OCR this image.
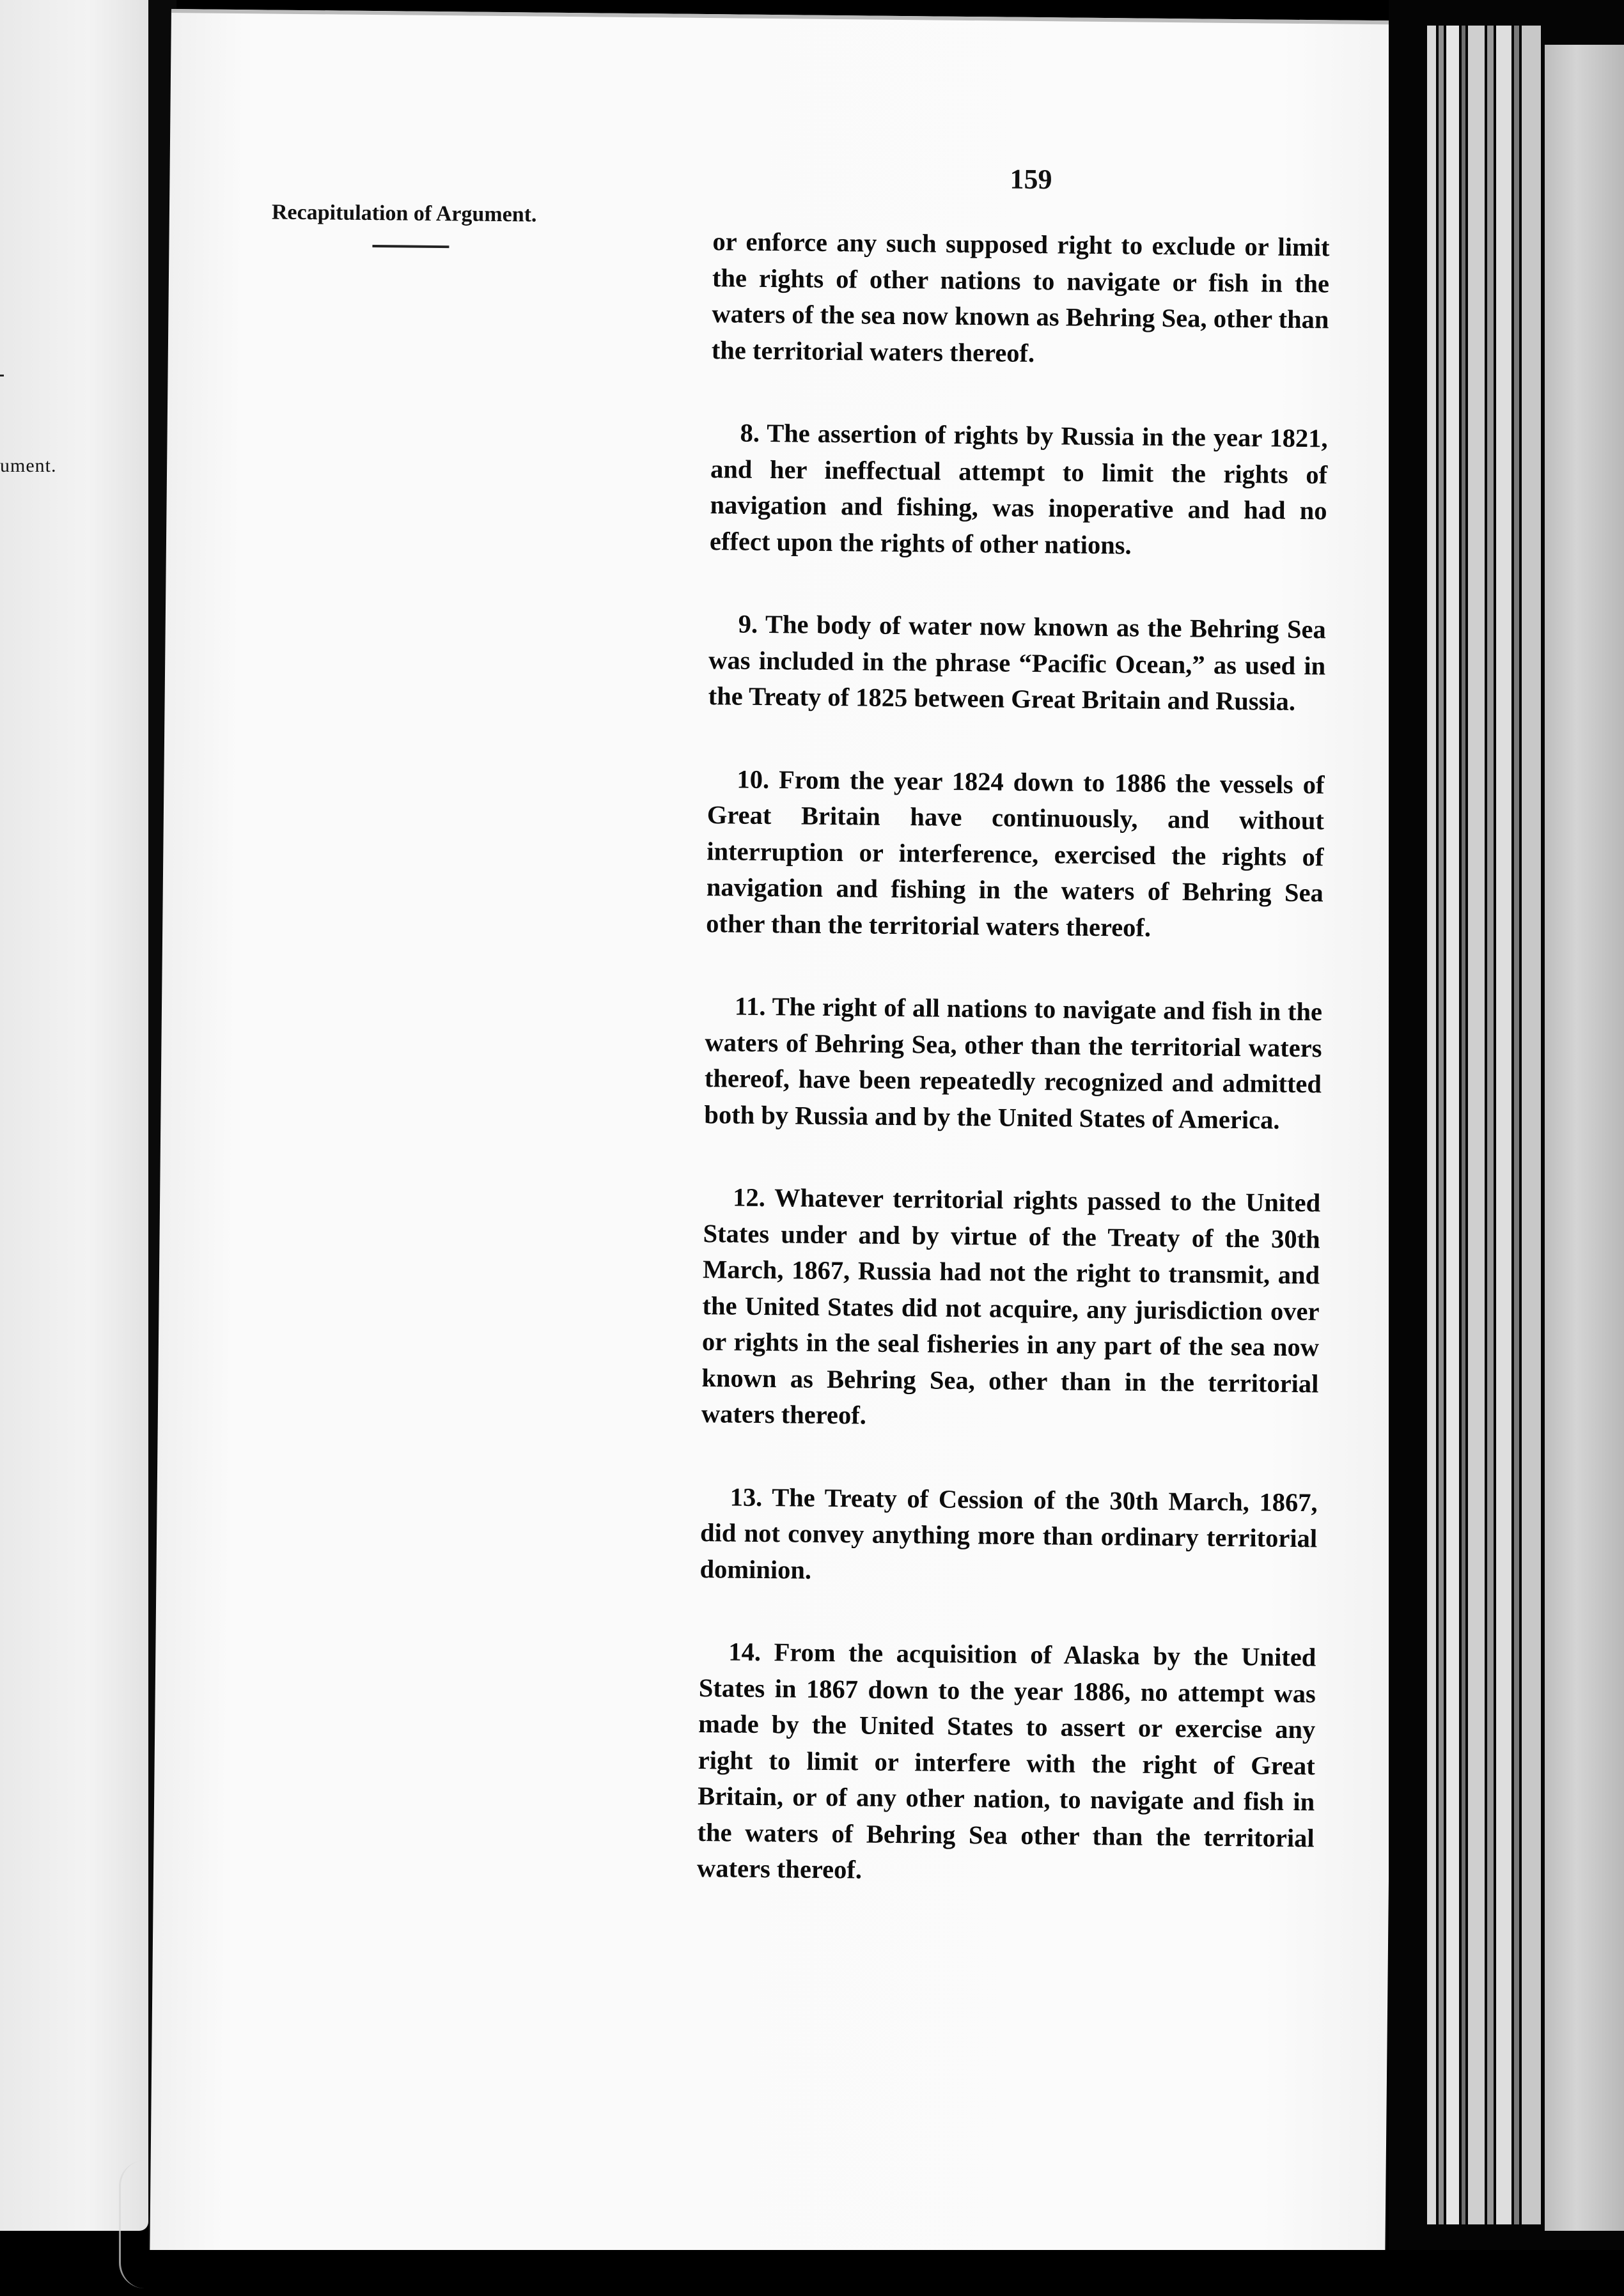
ument.
159
Recapitulation of Argument.

or enforce any such supposed right to exclude or limit the rights of other nations to navigate or fish in the waters of the sea now known as Behring Sea, other than the territorial waters thereof.

8. The assertion of rights by Russia in the year 1821, and her ineffectual attempt to limit the rights of navigation and fishing, was inoperative and had no effect upon the rights of other nations.

9. The body of water now known as the Behring Sea was included in the phrase “Pacific Ocean,” as used in the Treaty of 1825 between Great Britain and Russia.

10. From the year 1824 down to 1886 the vessels of Great Britain have continuously, and without interruption or interference, exercised the rights of navigation and fishing in the waters of Behring Sea other than the territorial waters thereof.

11. The right of all nations to navigate and fish in the waters of Behring Sea, other than the territorial waters thereof, have been repeatedly recognized and admitted both by Russia and by the United States of America.

12. Whatever territorial rights passed to the United States under and by virtue of the Treaty of the 30th March, 1867, Russia had not the right to transmit, and the United States did not acquire, any jurisdiction over or rights in the seal fisheries in any part of the sea now known as Behring Sea, other than in the territorial waters thereof.

13. The Treaty of Cession of the 30th March, 1867, did not convey anything more than ordinary territorial dominion.

14. From the acquisition of Alaska by the United States in 1867 down to the year 1886, no attempt was made by the United States to assert or exercise any right to limit or interfere with the right of Great Britain, or of any other nation, to navigate and fish in the waters of Behring Sea other than the territorial waters thereof.
